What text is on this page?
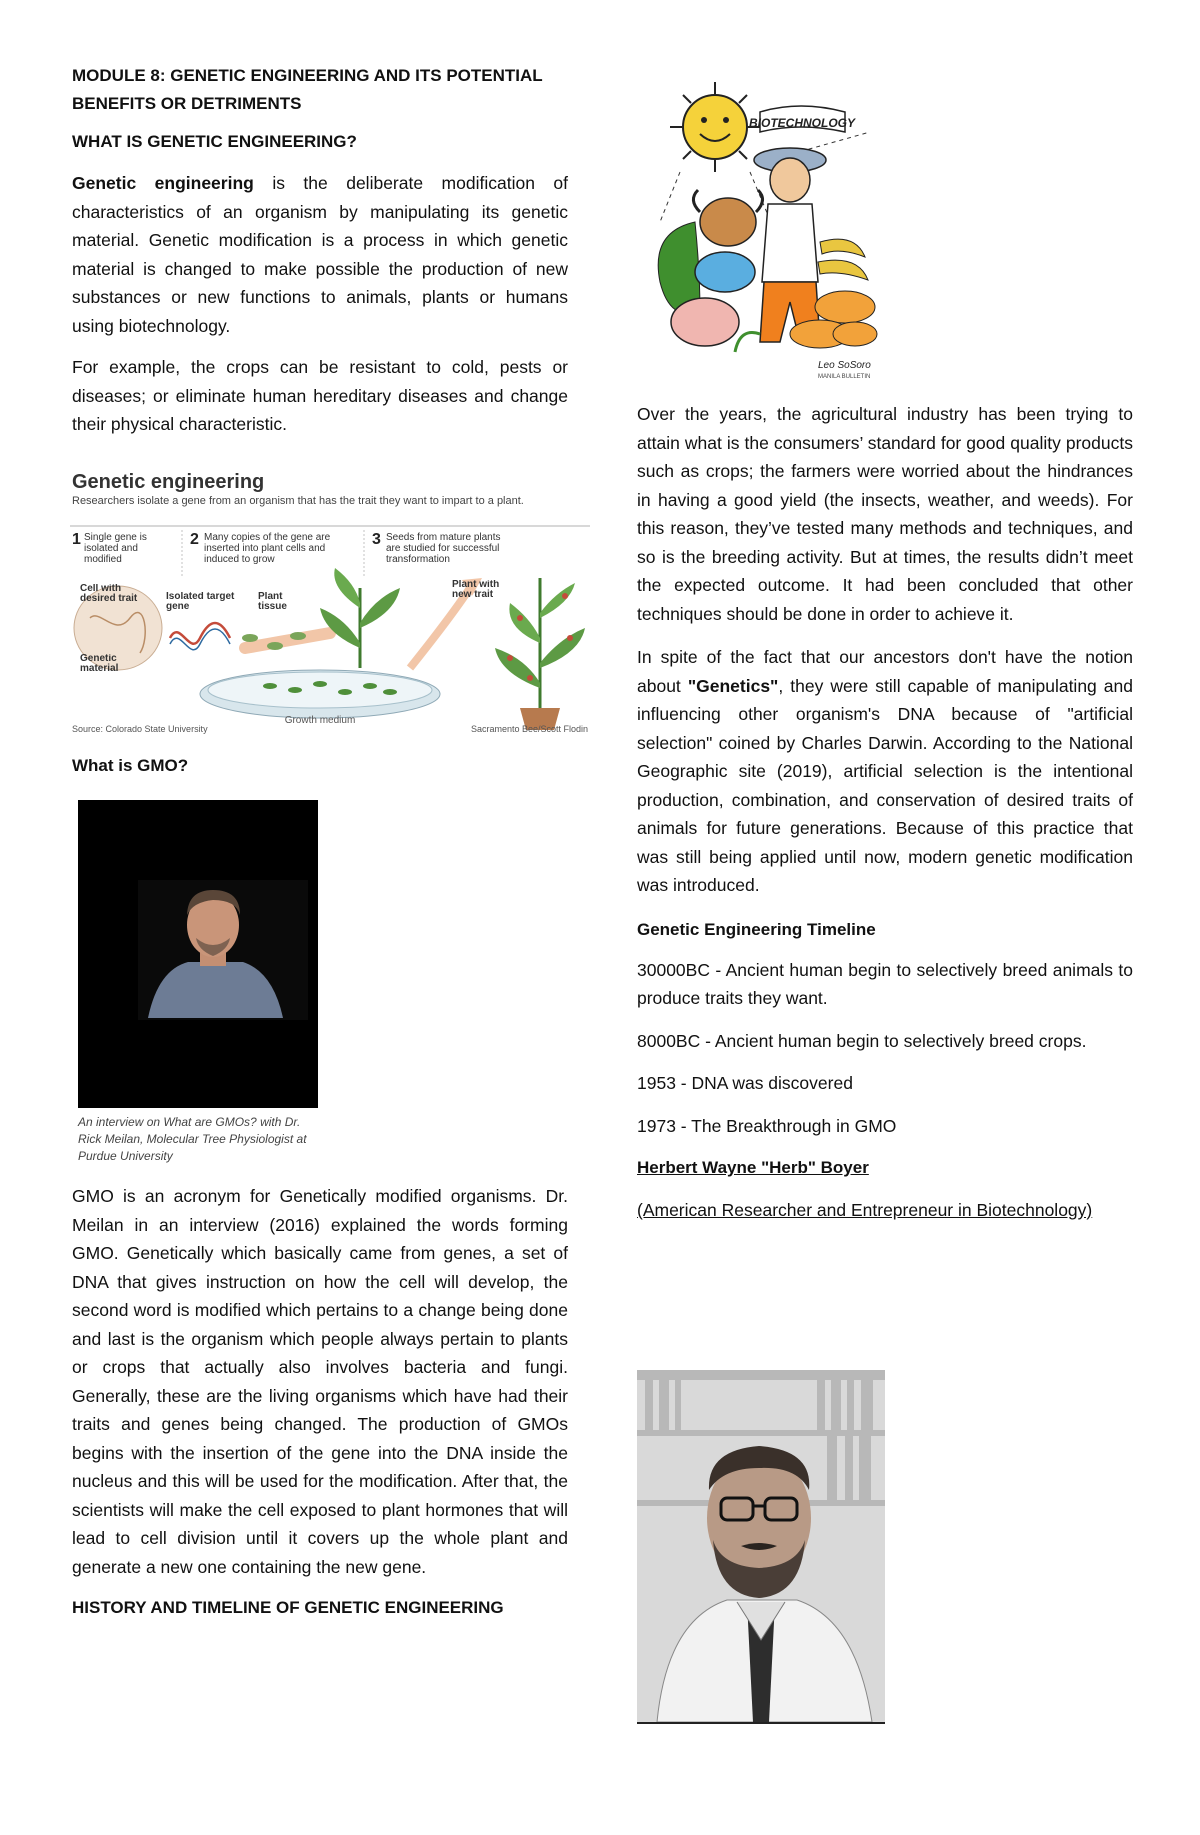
MODULE 8: GENETIC ENGINEERING AND ITS POTENTIAL BENEFITS OR DETRIMENTS

WHAT IS GENETIC ENGINEERING?

Genetic engineering is the deliberate modification of characteristics of an organism by manipulating its genetic material. Genetic modification is a process in which genetic material is changed to make possible the production of new substances or new functions to animals, plants or humans using biotechnology.

For example, the crops can be resistant to cold, pests or diseases; or eliminate human hereditary diseases and change their physical characteristic.

Genetic engineering
Researchers isolate a gene from an organism that has the trait they want to impart to a plant.
1 Single gene is isolated and modified
2 Many copies of the gene are inserted into plant cells and induced to grow
3 Seeds from mature plants are studied for successful transformation
Cell with desired trait
Genetic material
Isolated target gene
Plant tissue
Growth medium
Plant with new trait
Source: Colorado State University	Sacramento Bee/Scott Flodin

What is GMO?

An interview on What are GMOs? with Dr. Rick Meilan, Molecular Tree Physiologist at Purdue University

GMO is an acronym for Genetically modified organisms. Dr. Meilan in an interview (2016) explained the words forming GMO. Genetically which basically came from genes, a set of DNA that gives instruction on how the cell will develop, the second word is modified which pertains to a change being done and last is the organism which people always pertain to plants or crops that actually also involves bacteria and fungi. Generally, these are the living organisms which have had their traits and genes being changed. The production of GMOs begins with the insertion of the gene into the DNA inside the nucleus and this will be used for the modification. After that, the scientists will make the cell exposed to plant hormones that will lead to cell division until it covers up the whole plant and generate a new one containing the new gene.

HISTORY AND TIMELINE OF GENETIC ENGINEERING

BIOTECHNOLOGY
Leo SoSoro
MANILA BULLETIN

Over the years, the agricultural industry has been trying to attain what is the consumers’ standard for good quality products such as crops; the farmers were worried about the hindrances in having a good yield (the insects, weather, and weeds). For this reason, they’ve tested many methods and techniques, and so is the breeding activity. But at times, the results didn’t meet the expected outcome. It had been concluded that other techniques should be done in order to achieve it.

In spite of the fact that our ancestors don't have the notion about "Genetics", they were still capable of manipulating and influencing other organism's DNA because of "artificial selection" coined by Charles Darwin. According to the National Geographic site (2019), artificial selection is the intentional production, combination, and conservation of desired traits of animals for future generations. Because of this practice that was still being applied until now, modern genetic modification was introduced.

Genetic Engineering Timeline

30000BC - Ancient human begin to selectively breed animals to produce traits they want.

8000BC - Ancient human begin to selectively breed crops.

1953 - DNA was discovered

1973 - The Breakthrough in GMO

Herbert Wayne "Herb" Boyer

(American Researcher and Entrepreneur in Biotechnology)
